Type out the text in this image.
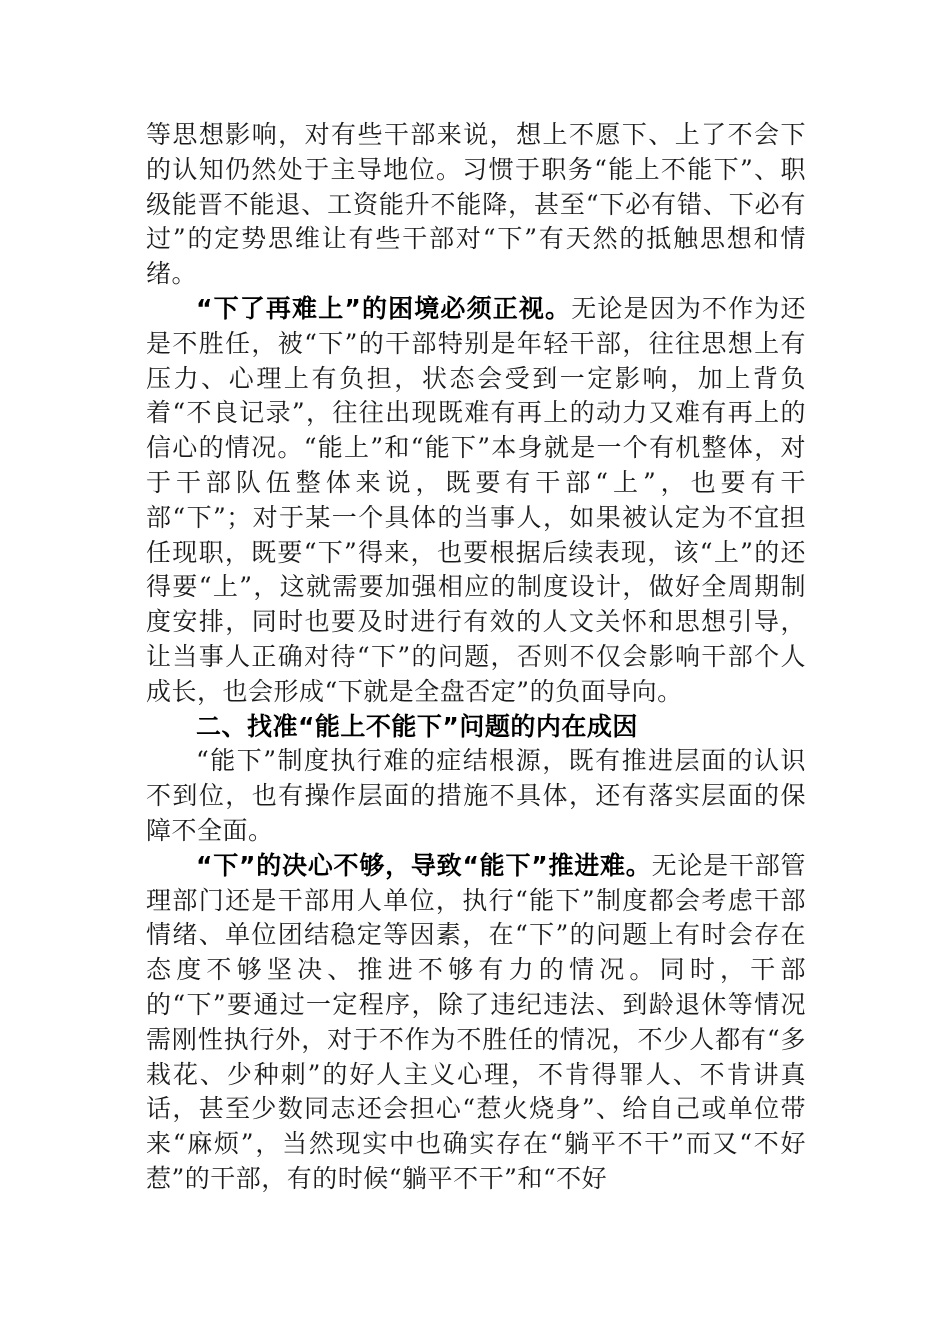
等思想影响，对有些干部来说，想上不愿下、上了不会下的认知仍然处于主导地位。习惯于职务“能上不能下”、职级能晋不能退、工资能升不能降，甚至“下必有错、下必有过”的定势思维让有些干部对“下”有天然的抵触思想和情绪。

“下了再难上”的困境必须正视。无论是因为不作为还是不胜任，被“下”的干部特别是年轻干部，往往思想上有压力、心理上有负担，状态会受到一定影响，加上背负着“不良记录”，往往出现既难有再上的动力又难有再上的信心的情况。“能上”和“能下”本身就是一个有机整体，对于干部队伍整体来说，既要有干部“上”，也要有干部“下”；对于某一个具体的当事人，如果被认定为不宜担任现职，既要“下”得来，也要根据后续表现，该“上”的还得要“上”，这就需要加强相应的制度设计，做好全周期制度安排，同时也要及时进行有效的人文关怀和思想引导，让当事人正确对待“下”的问题，否则不仅会影响干部个人成长，也会形成“下就是全盘否定”的负面导向。

二、找准“能上不能下”问题的内在成因

“能下”制度执行难的症结根源，既有推进层面的认识不到位，也有操作层面的措施不具体，还有落实层面的保障不全面。

“下”的决心不够，导致“能下”推进难。无论是干部管理部门还是干部用人单位，执行“能下”制度都会考虑干部情绪、单位团结稳定等因素，在“下”的问题上有时会存在态度不够坚决、推进不够有力的情况。同时，干部的“下”要通过一定程序，除了违纪违法、到龄退休等情况需刚性执行外，对于不作为不胜任的情况，不少人都有“多栽花、少种刺”的好人主义心理，不肯得罪人、不肯讲真话，甚至少数同志还会担心“惹火烧身”、给自己或单位带来“麻烦”，当然现实中也确实存在“躺平不干”而又“不好惹”的干部，有的时候“躺平不干”和“不好
